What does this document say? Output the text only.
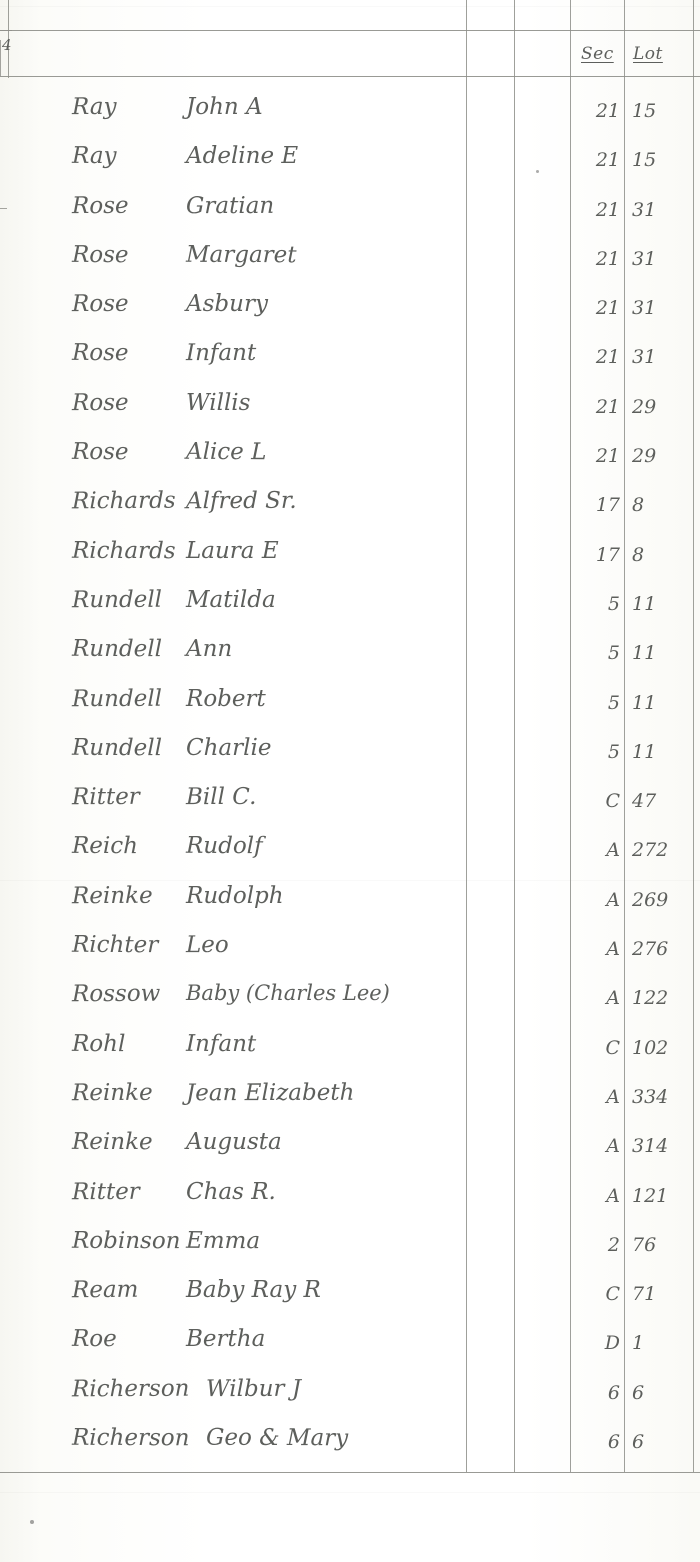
4	Sec Lot
Ray	John A	21 15
Ray	Adeline E	21 15
Rose Gratian	21 31
Rose Margaret	21 31
Rose Asbury	21 31
Rose Infant	21 31
Rose Willis	21 29
Rose Alice L	21 29
Richards Alfred Sr.	17 8
Richards Laura E	17 8
Rundell Matilda	5 11
Rundell Ann	5 11
Rundell Robert	5 11
Rundell Charlie	5 11
Ritter Bill C.	C 47
Reich Rudolf	A 272
Reinke Rudolph	A 269
Richter Leo	A 276
Rossow Baby (Charles Lee)	A 122
Rohl	Infant	C 102
Reinke Jean Elizabeth	A 334
Reinke Augusta	A 314
Ritter Chas R.	A 121
Robinson Emma	2 76
Ream Baby Ray R	C 71
Roe	Bertha	D 1
Richerson Wilbur J	6 6
Richerson Geo & Mary	6 6
